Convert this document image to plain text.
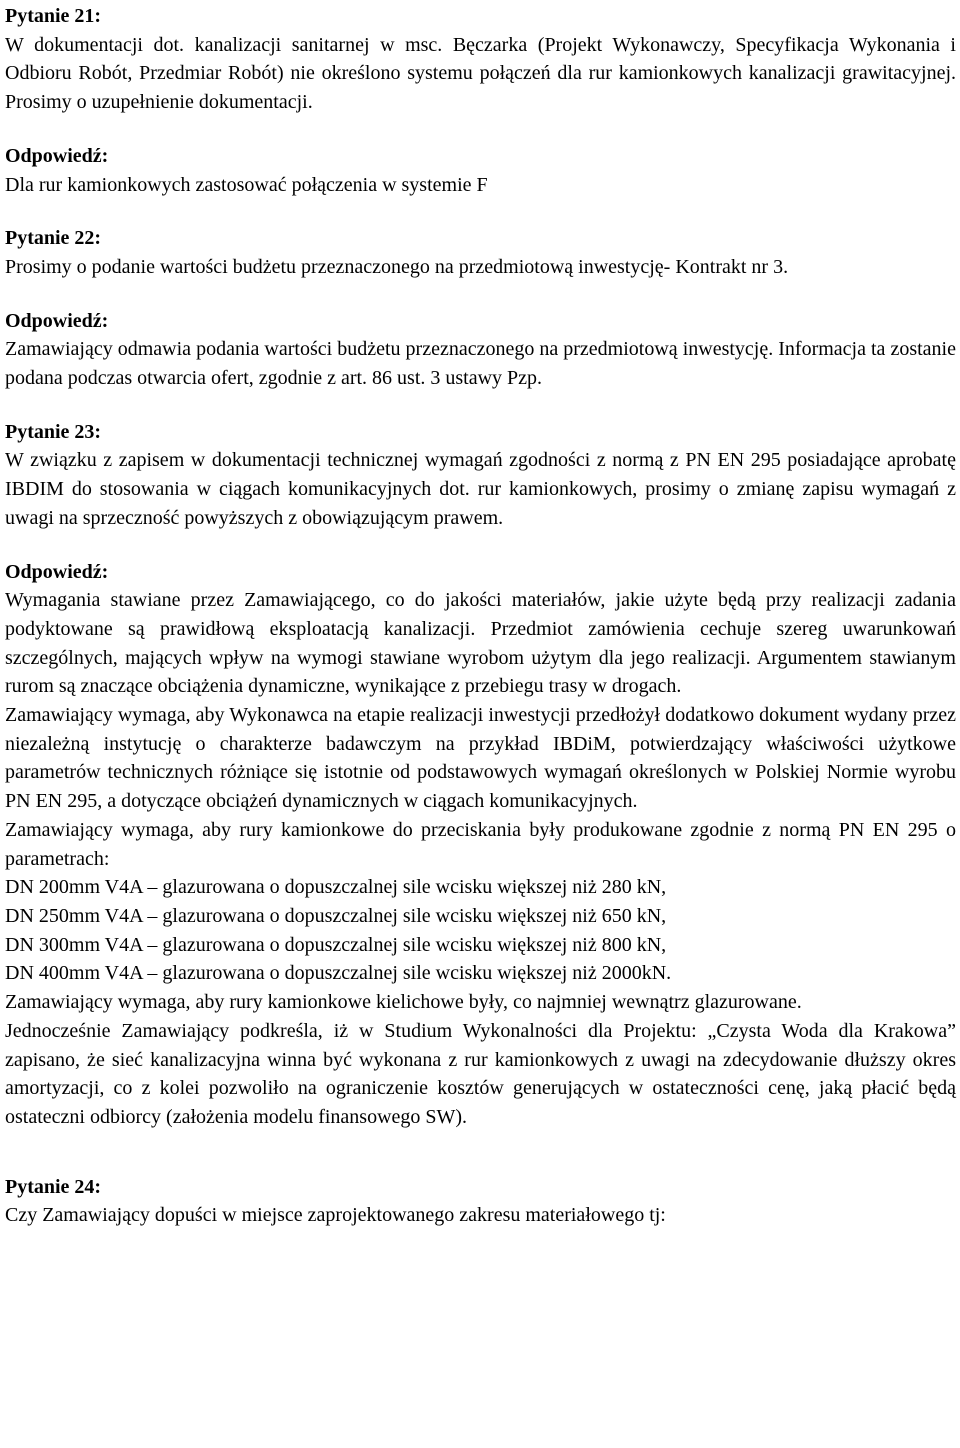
Pytanie 21:
W dokumentacji dot. kanalizacji sanitarnej w msc. Bęczarka (Projekt Wykonawczy, Specyfikacja Wykonania i Odbioru Robót, Przedmiar Robót) nie określono systemu połączeń dla rur kamionkowych kanalizacji grawitacyjnej. Prosimy o uzupełnienie dokumentacji.
Odpowiedź:
Dla rur kamionkowych zastosować połączenia w systemie F
Pytanie 22:
Prosimy o podanie wartości budżetu przeznaczonego na przedmiotową inwestycję- Kontrakt nr 3.
Odpowiedź:
Zamawiający odmawia podania wartości budżetu przeznaczonego na przedmiotową inwestycję. Informacja ta zostanie podana podczas otwarcia ofert, zgodnie z art. 86 ust. 3 ustawy Pzp.
Pytanie 23:
W związku z zapisem w dokumentacji technicznej wymagań zgodności z normą z PN EN 295 posiadające aprobatę IBDIM do stosowania w ciągach komunikacyjnych dot. rur kamionkowych, prosimy o zmianę zapisu wymagań z uwagi na sprzeczność powyższych z obowiązującym prawem.
Odpowiedź:
Wymagania stawiane przez Zamawiającego, co do jakości materiałów, jakie użyte będą przy realizacji zadania podyktowane są prawidłową eksploatacją kanalizacji. Przedmiot zamówienia cechuje szereg uwarunkowań szczególnych, mających wpływ na wymogi stawiane wyrobom użytym dla jego realizacji. Argumentem stawianym rurom są znaczące obciążenia dynamiczne, wynikające z przebiegu trasy w drogach.
Zamawiający wymaga, aby Wykonawca na etapie realizacji inwestycji przedłożył dodatkowo dokument wydany przez niezależną instytucję o charakterze badawczym na przykład IBDiM, potwierdzający właściwości użytkowe parametrów technicznych różniące się istotnie od podstawowych wymagań określonych w Polskiej Normie wyrobu PN EN 295, a dotyczące obciążeń dynamicznych w ciągach komunikacyjnych.
Zamawiający wymaga, aby rury kamionkowe do przeciskania były produkowane zgodnie z normą PN EN 295 o parametrach:
DN 200mm V4A – glazurowana o dopuszczalnej sile wcisku większej niż 280 kN,
DN 250mm V4A – glazurowana o dopuszczalnej sile wcisku większej niż 650 kN,
DN 300mm V4A – glazurowana o dopuszczalnej sile wcisku większej niż 800 kN,
DN 400mm V4A – glazurowana o dopuszczalnej sile wcisku większej niż 2000kN.
Zamawiający wymaga, aby rury kamionkowe kielichowe były, co najmniej wewnątrz glazurowane.
Jednocześnie Zamawiający podkreśla, iż w Studium Wykonalności dla Projektu: „Czysta Woda dla Krakowa” zapisano, że sieć kanalizacyjna winna być wykonana z rur kamionkowych z uwagi na zdecydowanie dłuższy okres amortyzacji, co z kolei pozwoliło na ograniczenie kosztów generujących w ostateczności cenę, jaką płacić będą ostateczni odbiorcy (założenia modelu finansowego SW).
Pytanie 24:
Czy Zamawiający dopuści w miejsce zaprojektowanego zakresu materiałowego tj:
